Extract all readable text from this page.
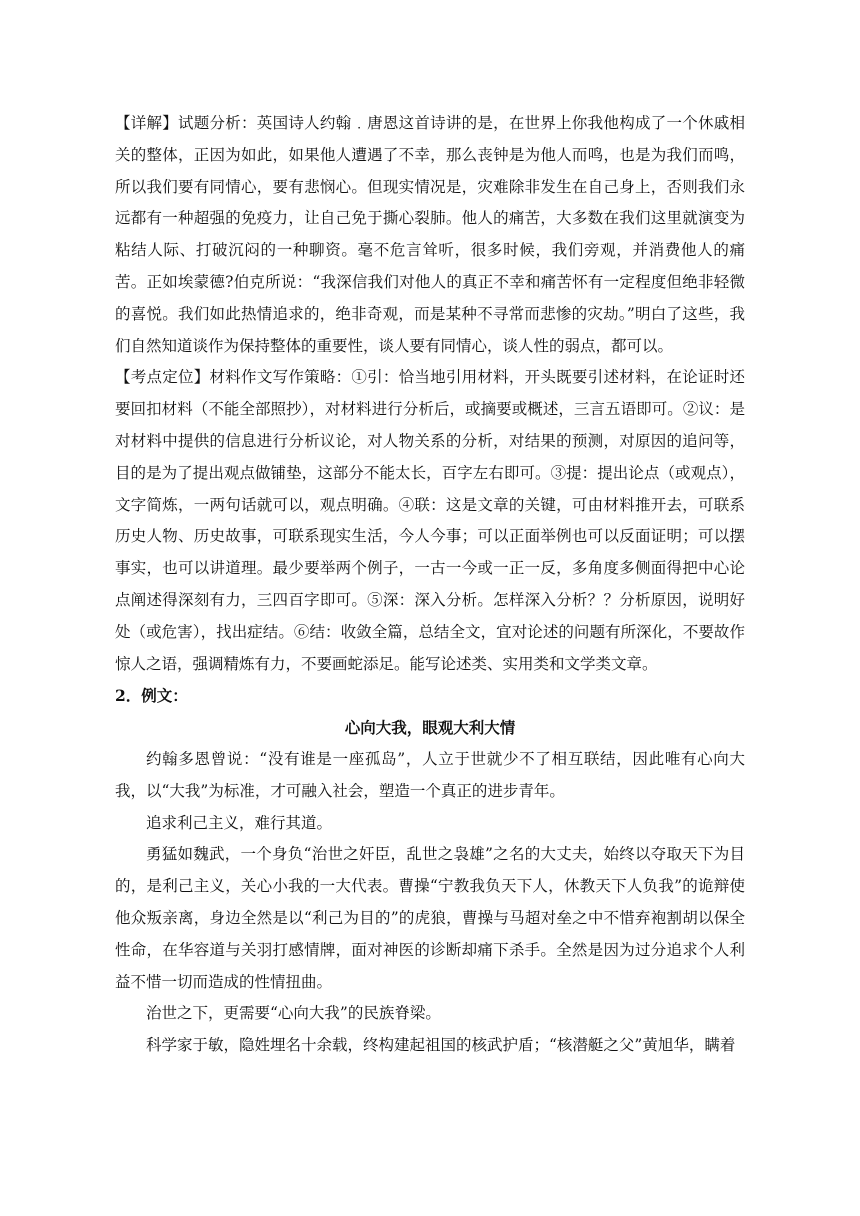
【详解】试题分析：英国诗人约翰﹒唐恩这首诗讲的是，在世界上你我他构成了一个休戚相关的整体，正因为如此，如果他人遭遇了不幸，那么丧钟是为他人而鸣，也是为我们而鸣，所以我们要有同情心，要有悲悯心。但现实情况是，灾难除非发生在自己身上，否则我们永远都有一种超强的免疫力，让自己免于撕心裂肺。他人的痛苦，大多数在我们这里就演变为粘结人际、打破沉闷的一种聊资。毫不危言耸听，很多时候，我们旁观，并消费他人的痛苦。正如埃蒙德?伯克所说：“我深信我们对他人的真正不幸和痛苦怀有一定程度但绝非轻微的喜悦。我们如此热情追求的，绝非奇观，而是某种不寻常而悲惨的灾劫。”明白了这些，我们自然知道谈作为保持整体的重要性，谈人要有同情心，谈人性的弱点，都可以。

【考点定位】材料作文写作策略：①引：恰当地引用材料，开头既要引述材料，在论证时还要回扣材料（不能全部照抄），对材料进行分析后，或摘要或概述，三言五语即可。②议：是对材料中提供的信息进行分析议论，对人物关系的分析，对结果的预测，对原因的追问等，目的是为了提出观点做铺垫，这部分不能太长，百字左右即可。③提：提出论点（或观点），文字简炼，一两句话就可以，观点明确。④联：这是文章的关键，可由材料推开去，可联系历史人物、历史故事，可联系现实生活，今人今事；可以正面举例也可以反面证明；可以摆事实，也可以讲道理。最少要举两个例子，一古一今或一正一反，多角度多侧面得把中心论点阐述得深刻有力，三四百字即可。⑤深：深入分析。怎样深入分析？？分析原因，说明好处（或危害），找出症结。⑥结：收敛全篇，总结全文，宜对论述的问题有所深化，不要故作惊人之语，强调精炼有力，不要画蛇添足。能写论述类、实用类和文学类文章。

2．例文：

心向大我，眼观大利大情

约翰多恩曾说：“没有谁是一座孤岛”，人立于世就少不了相互联结，因此唯有心向大我，以“大我”为标准，才可融入社会，塑造一个真正的进步青年。

追求利己主义，难行其道。

勇猛如魏武，一个身负“治世之奸臣，乱世之袅雄”之名的大丈夫，始终以夺取天下为目的，是利己主义，关心小我的一大代表。曹操“宁教我负天下人，休教天下人负我”的诡辩使他众叛亲离，身边全然是以“利己为目的”的虎狼，曹操与马超对垒之中不惜弃袍割胡以保全性命，在华容道与关羽打感情牌，面对神医的诊断却痛下杀手。全然是因为过分追求个人利益不惜一切而造成的性情扭曲。

治世之下，更需要“心向大我”的民族脊梁。

科学家于敏，隐姓埋名十余载，终构建起祖国的核武护盾；“核潜艇之父”黄旭华，瞒着
